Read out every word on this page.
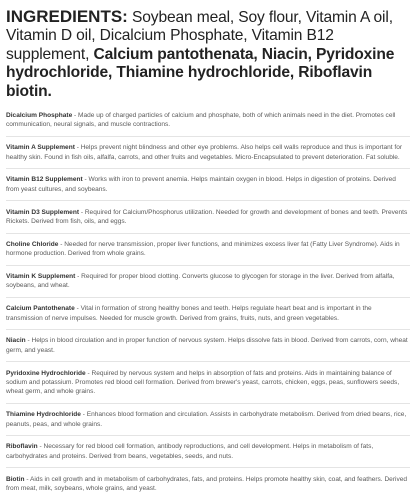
INGREDIENTS: Soybean meal, Soy flour, Vitamin A oil, Vitamin D oil, Dicalcium Phosphate, Vitamin B12 supplement, Calcium pantothenata, Niacin, Pyridoxine hydrochloride, Thiamine hydrochloride, Riboflavin biotin.

Dicalcium Phosphate - Made up of charged particles of calcium and phosphate, both of which animals need in the diet. Promotes cell communication, neural signals, and muscle contractions.
Vitamin A Supplement - Helps prevent night blindness and other eye problems. Also helps cell walls reproduce and thus is important for healthy skin. Found in fish oils, alfalfa, carrots, and other fruits and vegetables. Micro-Encapsulated to prevent deterioration. Fat soluble.
Vitamin B12 Supplement - Works with iron to prevent anemia. Helps maintain oxygen in blood. Helps in digestion of proteins. Derived from yeast cultures, and soybeans.
Vitamin D3 Supplement - Required for Calcium/Phosphorus utilization. Needed for growth and development of bones and teeth. Prevents Rickets. Derived from fish, oils, and eggs.
Choline Chloride - Needed for nerve transmission, proper liver functions, and minimizes excess liver fat (Fatty Liver Syndrome). Aids in hormone production. Derived from whole grains.
Vitamin K Supplement - Required for proper blood clotting. Converts glucose to glycogen for storage in the liver. Derived from alfalfa, soybeans, and wheat.
Calcium Pantothenate - Vital in formation of strong healthy bones and teeth. Helps regulate heart beat and is important in the transmission of nerve impulses. Needed for muscle growth. Derived from grains, fruits, nuts, and green vegetables.
Niacin - Helps in blood circulation and in proper function of nervous system. Helps dissolve fats in blood. Derived from carrots, corn, wheat germ, and yeast.
Pyridoxine Hydrochloride - Required by nervous system and helps in absorption of fats and proteins. Aids in maintaining balance of sodium and potassium. Promotes red blood cell formation. Derived from brewer's yeast, carrots, chicken, eggs, peas, sunflowers seeds, wheat germ, and whole grains.
Thiamine Hydrochloride - Enhances blood formation and circulation. Assists in carbohydrate metabolism. Derived from dried beans, rice, peanuts, peas, and whole grains.
Riboflavin - Necessary for red blood cell formation, antibody reproductions, and cell development. Helps in metabolism of fats, carbohydrates and proteins. Derived from beans, vegetables, seeds, and nuts.
Biotin - Aids in cell growth and in metabolism of carbohydrates, fats, and proteins. Helps promote healthy skin, coat, and feathers. Derived from meat, milk, soybeans, whole grains, and yeast.
